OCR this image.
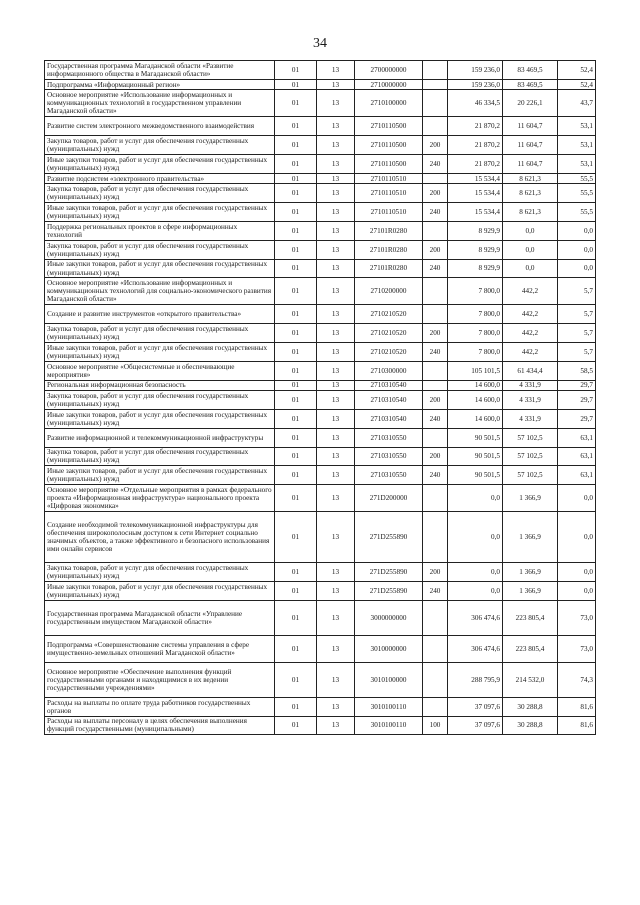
34
Государственная программа Магаданской области «Развитие информационного общества в Магаданской области»	01	13	2700000000		159 236,0	83 469,5	52,4
Подпрограмма «Информационный регион»	01	13	2710000000		159 236,0	83 469,5	52,4
Основное мероприятие «Использование информационных и коммуникационных технологий в государственном управлении Магаданской области»	01	13	2710100000		46 334,5	20 226,1	43,7
Развитие систем электронного межведомственного взаимодействия	01	13	2710110500		21 870,2	11 604,7	53,1
Закупка товаров, работ и услуг для обеспечения государственных (муниципальных) нужд	01	13	2710110500	200	21 870,2	11 604,7	53,1
Иные закупки товаров, работ и услуг для обеспечения государственных (муниципальных) нужд	01	13	2710110500	240	21 870,2	11 604,7	53,1
Развитие подсистем «электронного правительства»	01	13	2710110510		15 534,4	8 621,3	55,5
Закупка товаров, работ и услуг для обеспечения государственных (муниципальных) нужд	01	13	2710110510	200	15 534,4	8 621,3	55,5
Иные закупки товаров, работ и услуг для обеспечения государственных (муниципальных) нужд	01	13	2710110510	240	15 534,4	8 621,3	55,5
Поддержка региональных проектов в сфере информационных технологий	01	13	27101R0280		8 929,9	0,0	0,0
Закупка товаров, работ и услуг для обеспечения государственных (муниципальных) нужд	01	13	27101R0280	200	8 929,9	0,0	0,0
Иные закупки товаров, работ и услуг для обеспечения государственных (муниципальных) нужд	01	13	27101R0280	240	8 929,9	0,0	0,0
Основное мероприятие «Использование информационных и коммуникационных технологий для социально-экономического развития Магаданской области»	01	13	2710200000		7 800,0	442,2	5,7
Создание и развитие инструментов «открытого правительства»	01	13	2710210520		7 800,0	442,2	5,7
Закупка товаров, работ и услуг для обеспечения государственных (муниципальных) нужд	01	13	2710210520	200	7 800,0	442,2	5,7
Иные закупки товаров, работ и услуг для обеспечения государственных (муниципальных) нужд	01	13	2710210520	240	7 800,0	442,2	5,7
Основное мероприятие «Общесистемные и обеспечивающие мероприятия»	01	13	2710300000		105 101,5	61 434,4	58,5
Региональная информационная безопасность	01	13	2710310540		14 600,0	4 331,9	29,7
Закупка товаров, работ и услуг для обеспечения государственных (муниципальных) нужд	01	13	2710310540	200	14 600,0	4 331,9	29,7
Иные закупки товаров, работ и услуг для обеспечения государственных (муниципальных) нужд	01	13	2710310540	240	14 600,0	4 331,9	29,7
Развитие информационной и телекоммуникационной инфраструктуры	01	13	2710310550		90 501,5	57 102,5	63,1
Закупка товаров, работ и услуг для обеспечения государственных (муниципальных) нужд	01	13	2710310550	200	90 501,5	57 102,5	63,1
Иные закупки товаров, работ и услуг для обеспечения государственных (муниципальных) нужд	01	13	2710310550	240	90 501,5	57 102,5	63,1
Основное мероприятие «Отдельные мероприятия в рамках федерального проекта «Информационная инфраструктура» национального проекта «Цифровая экономика»	01	13	271D200000		0,0	1 366,9	0,0
Создание необходимой телекоммуникационной инфраструктуры для обеспечения широкополосным доступом к сети Интернет социально значимых объектов, а также эффективного и безопасного использования ими онлайн сервисов	01	13	271D255890		0,0	1 366,9	0,0
Закупка товаров, работ и услуг для обеспечения государственных (муниципальных) нужд	01	13	271D255890	200	0,0	1 366,9	0,0
Иные закупки товаров, работ и услуг для обеспечения государственных (муниципальных) нужд	01	13	271D255890	240	0,0	1 366,9	0,0
Государственная программа Магаданской области «Управление государственным имуществом Магаданской области»	01	13	3000000000		306 474,6	223 805,4	73,0
Подпрограмма «Совершенствование системы управления в сфере имущественно-земельных отношений Магаданской области»	01	13	3010000000		306 474,6	223 805,4	73,0
Основное мероприятие «Обеспечение выполнения функций государственными органами и находящимися в их ведении государственными учреждениями»	01	13	3010100000		288 795,9	214 532,0	74,3
Расходы на выплаты по оплате труда работников государственных органов	01	13	3010100110		37 097,6	30 288,8	81,6
Расходы на выплаты персоналу в целях обеспечения выполнения функций государственными (муниципальными)	01	13	3010100110	100	37 097,6	30 288,8	81,6
